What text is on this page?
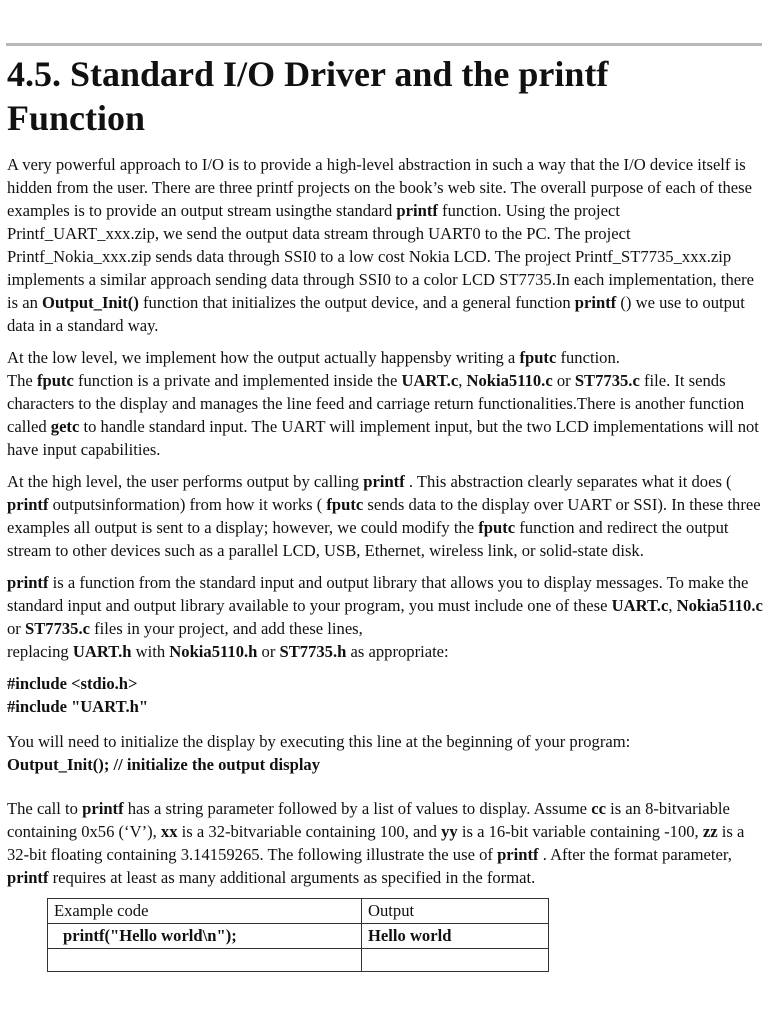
4.5. Standard I/O Driver and the printf Function

A very powerful approach to I/O is to provide a high-level abstraction in such a way that the I/O device itself is hidden from the user. There are three printf projects on the book’s web site. The overall purpose of each of these examples is to provide an output stream usingthe standard printf function. Using the project Printf_UART_xxx.zip, we send the output data stream through UART0 to the PC. The project Printf_Nokia_xxx.zip sends data through SSI0 to a low cost Nokia LCD. The project Printf_ST7735_xxx.zip implements a similar approach sending data through SSI0 to a color LCD ST7735.In each implementation, there is an Output_Init() function that initializes the output device, and a general function printf () we use to output data in a standard way.

At the low level, we implement how the output actually happensby writing a fputc function.
The fputc function is a private and implemented inside the UART.c, Nokia5110.c or ST7735.c file. It sends characters to the display and manages the line feed and carriage return functionalities.There is another function called getc to handle standard input. The UART will implement input, but the two LCD implementations will not have input capabilities.

At the high level, the user performs output by calling printf . This abstraction clearly separates what it does ( printf outputsinformation) from how it works ( fputc sends data to the display over UART or SSI). In these three examples all output is sent to a display; however, we could modify the fputc function and redirect the output stream to other devices such as a parallel LCD, USB, Ethernet, wireless link, or solid-state disk.

printf is a function from the standard input and output library that allows you to display messages. To make the standard input and output library available to your program, you must include one of these UART.c, Nokia5110.c or ST7735.c files in your project, and add these lines,
replacing UART.h with Nokia5110.h or ST7735.h as appropriate:

#include <stdio.h>
#include "UART.h"

You will need to initialize the display by executing this line at the beginning of your program:
Output_Init(); // initialize the output display

The call to printf has a string parameter followed by a list of values to display. Assume cc is an 8-bitvariable containing 0x56 (‘V’), xx is a 32-bitvariable containing 100, and yy is a 16-bit variable containing -100, zz is a 32-bit floating containing 3.14159265. The following illustrate the use of printf . After the format parameter, printf requires at least as many additional arguments as specified in the format.

Example code	Output
printf("Hello world\n");	Hello world
